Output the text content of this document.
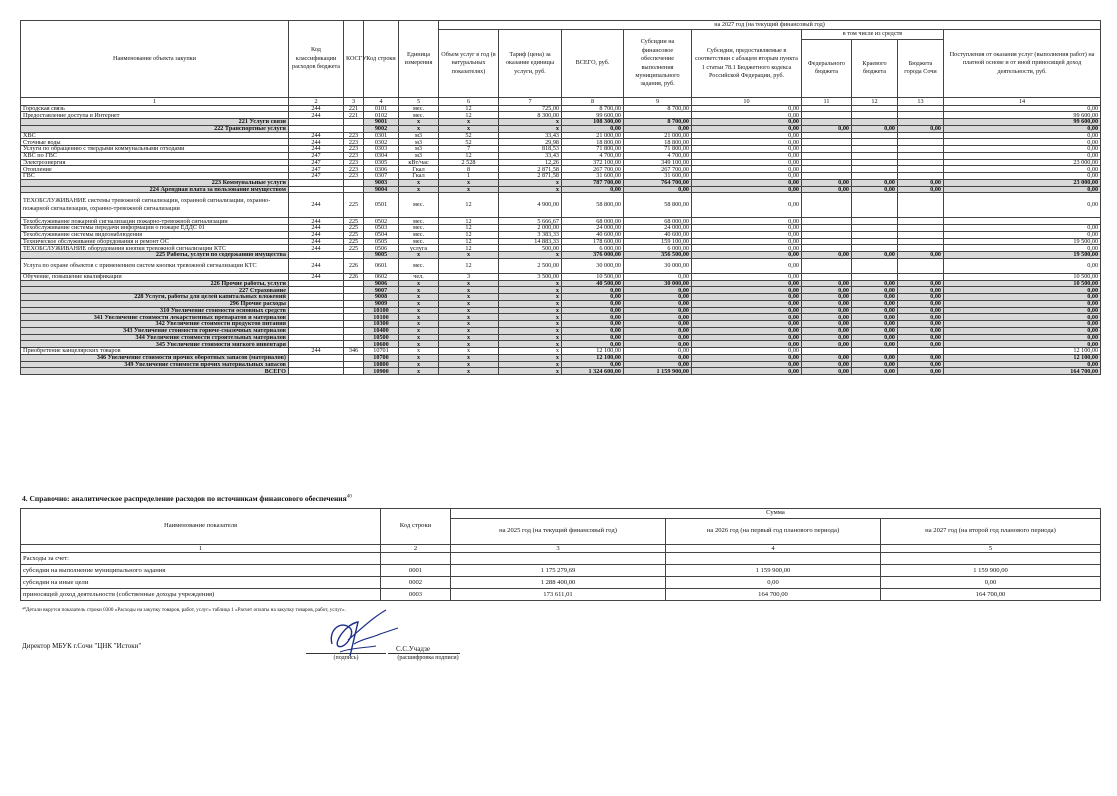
Наименование объекта закупки	Код классификации расходов бюджета	КОСГУ	Код строки	Единица измерения	на 2027 год (на текущий финансовый год)								
					Объем услуг в год (в натуральных показателях)	Тариф (цена) за оказание единицы услуги, руб.	ВСЕГО, руб.	Субсидии на финансовое обеспечение выполнения муниципального задания, руб.	Субсидии, предоставляемые в соответствии с абзацем вторым пункта 1 статьи 78.1 Бюджетного кодекса Российской Федерации, руб.	в том числе из средств			Поступления от оказания услуг (выполнения работ) на платной основе и от иной приносящей доход деятельности, руб.
										Федерального бюджета	Краевого бюджета	Бюджета города Сочи	
1	2	3	4	5	6	7	8	9	10	11	12	13	14
Городская связь	244	221	0101	мес.	12	725,00	8 700,00	8 700,00	0,00				0,00
Предоставление доступа в Интернет	244	221	0102	мес.	12	8 300,00	99 600,00		0,00				99 600,00
221 Услуги связи			9001	x	x	x	108 300,00	8 700,00	0,00				99 600,00
222 Транспортные услуги			9002	x	x	x	0,00	0,00	0,00	0,00	0,00	0,00	0,00
ХВС	244	223	0301	м3	52	33,43	21 000,00	21 000,00	0,00				0,00
Сточные воды	244	223	0302	м3	52	29,98	18 800,00	18 800,00	0,00				0,00
Услуги по обращению с твердыми коммунальными отходами	244	223	0303	м3	7	818,53	71 800,00	71 800,00	0,00				0,00
ХВС по ГВС	247	223	0304	м3	12	33,43	4 700,00	4 700,00	0,00				0,00
Электроэнергия	247	223	0305	кВт/час	2 528	12,26	372 100,00	349 100,00	0,00				23 000,00
Отопление	247	223	0306	Гкал	8	2 871,58	267 700,00	267 700,00	0,00				0,00
ГВС	247	223	0307	Гкал	1	2 871,58	31 600,00	31 600,00	0,00				0,00
223 Коммунальные услуги			9003	x	x	x	787 700,00	764 700,00	0,00	0,00	0,00	0,00	23 000,00
224 Арендная плата за пользование имуществом			9004	x	x	x	0,00	0,00	0,00	0,00	0,00	0,00	0,00
ТЕХОБСЛУЖИВАНИЕ системы тревожной сигнализации, охранной сигнализации, охранно-пожарной сигнализации, охранно-тревожной сигнализации	244	225	0501	мес.	12	4 900,00	58 800,00	58 800,00	0,00				0,00
Техобслуживание пожарной сигнализации пожарно-тревожной сигнализации	244	225	0502	мес.	12	5 666,67	68 000,00	68 000,00	0,00				
Техобслуживание системы передачи информации о пожаре ЕДДС 01	244	225	0503	мес.	12	2 000,00	24 000,00	24 000,00	0,00				0,00
Техобслуживание системы видеонаблюдения	244	225	0504	мес.	12	3 383,33	40 600,00	40 600,00	0,00				0,00
Техническое обслуживание оборудования и ремонт ОС	244	225	0505	мес.	12	14 883,33	178 600,00	159 100,00	0,00				19 500,00
ТЕХОБСЛУЖИВАНИЕ оборудования кнопки тревожной сигнализации КТС	244	225	0506	услуга	12	500,00	6 000,00	6 000,00	0,00				0,00
225 Работы, услуги по содержанию имущества			9005	x	x	x	376 000,00	356 500,00	0,00	0,00	0,00	0,00	19 500,00
Услуга по охране объектов с применением систем кнопки тревожной сигнализации КТС	244	226	0601	мес.	12	2 500,00	30 000,00	30 000,00	0,00				0,00
Обучение, повышение квалификации	244	226	0602	чел.	3	3 500,00	10 500,00	0,00	0,00				10 500,00
226 Прочие работы, услуги			9006	x	x	x	40 500,00	30 000,00	0,00	0,00	0,00	0,00	10 500,00
227 Страхование			9007	x	x	x	0,00	0,00	0,00	0,00	0,00	0,00	0,00
228 Услуги, работы для целей капитальных вложений			9008	x	x	x	0,00	0,00	0,00	0,00	0,00	0,00	0,00
296 Прочие расходы			9009	x	x	x	0,00	0,00	0,00	0,00	0,00	0,00	0,00
310 Увеличение стоимости основных средств			10100	x	x	x	0,00	0,00	0,00	0,00	0,00	0,00	0,00
341 Увеличение стоимости лекарственных препаратов и материалов			10100	x	x	x	0,00	0,00	0,00	0,00	0,00	0,00	0,00
342 Увеличение стоимости продуктов питания			10300	x	x	x	0,00	0,00	0,00	0,00	0,00	0,00	0,00
343 Увеличение стоимости горюче-смазочных материалов			10400	x	x	x	0,00	0,00	0,00	0,00	0,00	0,00	0,00
344 Увеличение стоимости строительных материалов			10500	x	x	x	0,00	0,00	0,00	0,00	0,00	0,00	0,00
345 Увеличение стоимости мягкого инвентаря			10600	x	x	x	0,00	0,00	0,00	0,00	0,00	0,00	0,00
Приобретение канцелярских товаров	244	346	10701	x	x	x	12 100,00	0,00	0,00				12 100,00
346 Увеличение стоимости прочих оборотных запасов (материалов)			10700	x	x	x	12 100,00	0,00	0,00	0,00	0,00	0,00	12 100,00
349 Увеличение стоимости прочих материальных запасов			10800	x	x	x	0,00	0,00	0,00	0,00	0,00	0,00	0,00
ВСЕГО			10900	x	x	x	1 324 600,00	1 159 900,00	0,00	0,00	0,00	0,00	164 700,00
4. Справочно: аналитическое распределение расходов по источникам финансового обеспечения$^{40}$
Наименование показателя	Код строки	Сумма		
		на 2025 год (на текущий финансовый год)	на 2026 год (на первый год планового периода)	на 2027 год (на второй год планового периода)
1	2	3	4	5
Расходы за счет:				
субсидии на выполнение муниципального задания	0001	1 175 279,69	1 159 900,00	1 159 900,00
субсидии на иные цели	0002	1 288 400,00	0,00	0,00
приносящей доход деятельности (собственные доходы учреждения)	0003	173 611,01	164 700,00	164 700,00
⁴⁰Детали вкрутся показатель строки 0300 «Расходы на закупку товаров, работ, услуг» таблица 1 «Расчет оплаты на закупку товаров, работ, услуг».
Директор МБУК г.Сочи "ЦНК "Истоки"	С.С.Учадзе
(подпись)	(расшифровка подписи)
